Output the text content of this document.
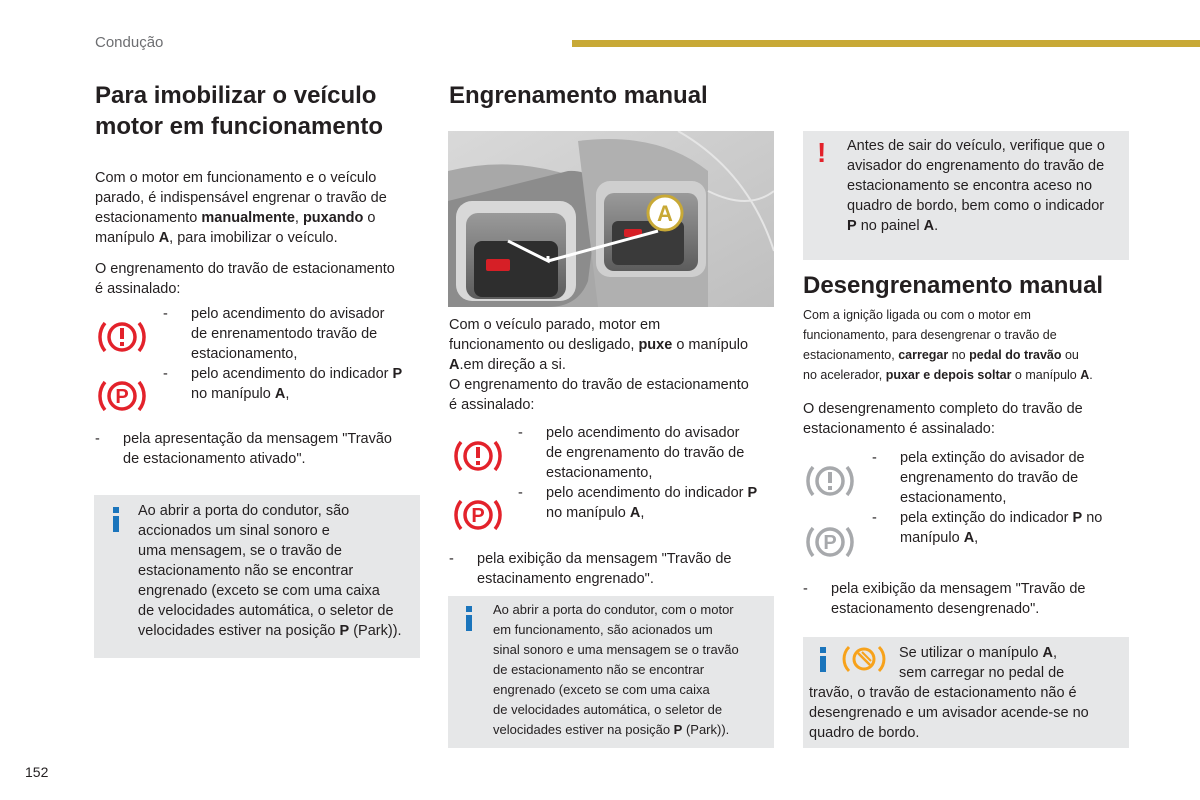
Condução
Para imobilizar o veículo
motor em funcionamento
Com o motor em funcionamento e o veículo
parado, é indispensável engrenar o travão de
estacionamento manualmente, puxando o
manípulo A, para imobilizar o veículo.

O engrenamento do travão de estacionamento

é assinalado:

P
- pelo acendimento do avisador

de enrenamentodo travão de

estacionamento,

- pelo acendimento do indicador P

no manípulo A,

- pela apresentação da mensagem "Travão

de estacionamento ativado".

Ao abrir a porta do condutor, são

accionados um sinal sonoro e

uma mensagem, se o travão de

estacionamento não se encontrar

engrenado (exceto se com uma caixa

de velocidades automática, o seletor de

velocidades estiver na posição P (Park)).

Engrenamento manual
A

Com o veículo parado, motor em

funcionamento ou desligado, puxe o manípulo

A.em direção a si.

O engrenamento do travão de estacionamento

é assinalado:

P
- pelo acendimento do avisador

de engrenamento do travão de

estacionamento,

- pelo acendimento do indicador P

no manípulo A,

- pela exibição da mensagem "Travão de

estacinamento engrenado".

Ao abrir a porta do condutor, com o motor

em funcionamento, são acionados um

sinal sonoro e uma mensagem se o travão

de estacionamento não se encontrar

engrenado (exceto se com uma caixa

de velocidades automática, o seletor de

velocidades estiver na posição P (Park)).

! Antes de sair do veículo, verifique que o

avisador do engrenamento do travão de

estacionamento se encontra aceso no

quadro de bordo, bem como o indicador

P no painel A.

Desengrenamento manual

Com a ignição ligada ou com o motor em

funcionamento, para desengrenar o travão de

estacionamento, carregar no pedal do travão ou

no acelerador, puxar e depois soltar o manípulo A.

O desengrenamento completo do travão de

estacionamento é assinalado:

P
- pela extinção do avisador de

engrenamento do travão de

estacionamento,

- pela extinção do indicador P no

manípulo A,

- pela exibição da mensagem "Travão de

estacionamento desengrenado".

Se utilizar o manípulo A,

sem carregar no pedal de

travão, o travão de estacionamento não é

desengrenado e um avisador acende-se no

quadro de bordo.

152
